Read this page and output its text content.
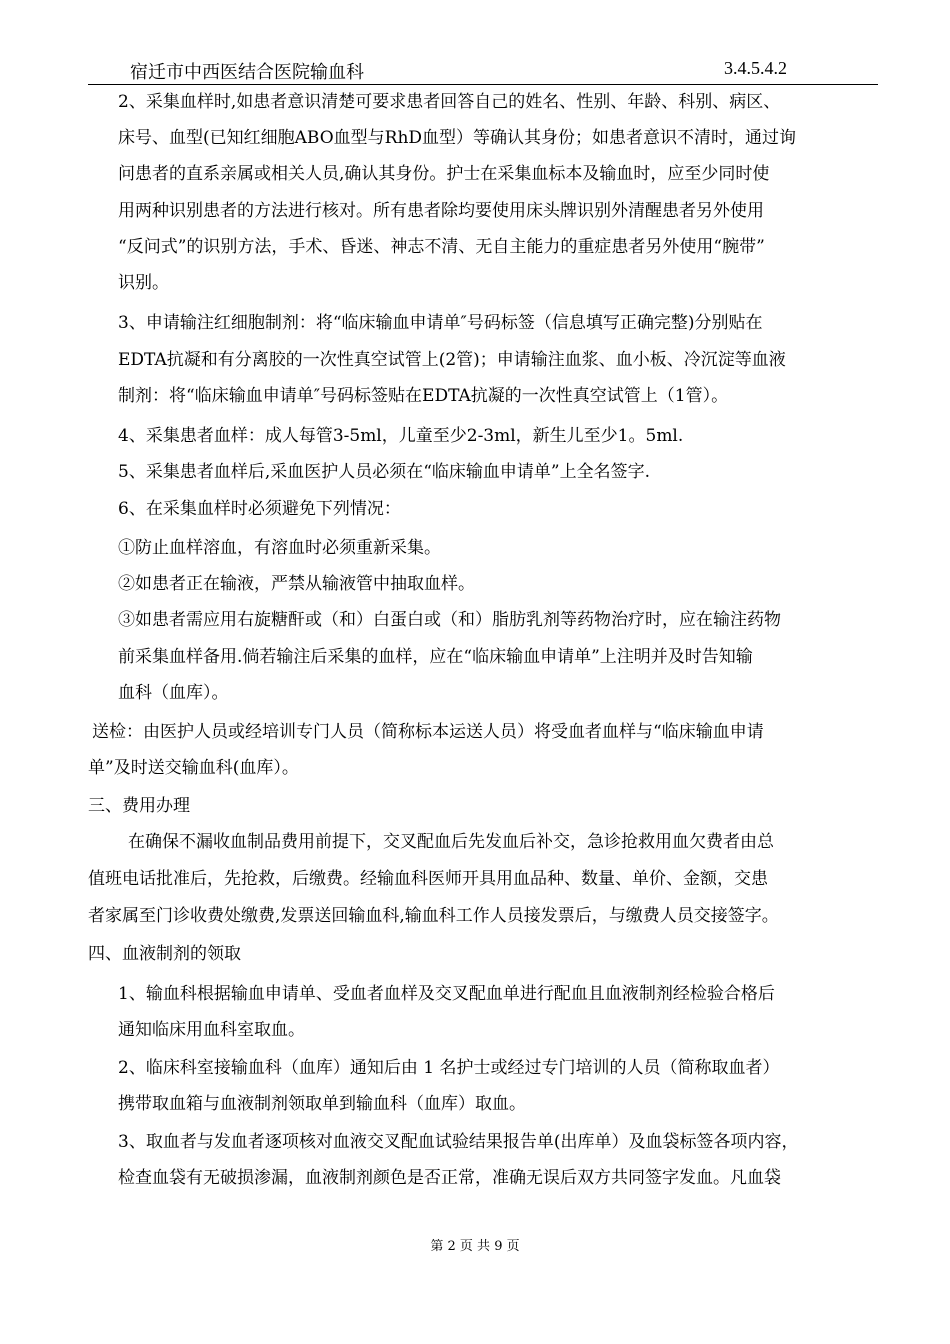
宿迁市中西医结合医院输血科	3.4.5.4.2
2、采集血样时,如患者意识清楚可要求患者回答自己的姓名、性别、年龄、科别、病区、
床号、血型(已知红细胞ABO血型与RhD血型）等确认其身份；如患者意识不清时，通过询
问患者的直系亲属或相关人员,确认其身份。护士在采集血标本及输血时，应至少同时使
用两种识别患者的方法进行核对。所有患者除均要使用床头牌识别外清醒患者另外使用
“反问式”的识别方法，手术、昏迷、神志不清、无自主能力的重症患者另外使用“腕带”
识别。
3、申请输注红细胞制剂：将“临床输血申请单″号码标签（信息填写正确完整)分别贴在
EDTA抗凝和有分离胶的一次性真空试管上(2管)；申请输注血浆、血小板、冷沉淀等血液
制剂：将“临床输血申请单″号码标签贴在EDTA抗凝的一次性真空试管上（1管）。
4、采集患者血样：成人每管3-5ml，儿童至少2-3ml，新生儿至少1。5ml.
5、采集患者血样后,采血医护人员必须在“临床输血申请单”上全名签字.
6、在采集血样时必须避免下列情况：
①防止血样溶血，有溶血时必须重新采集。
②如患者正在输液，严禁从输液管中抽取血样。
③如患者需应用右旋糖酐或（和）白蛋白或（和）脂肪乳剂等药物治疗时，应在输注药物
前采集血样备用.倘若输注后采集的血样，应在“临床输血申请单”上注明并及时告知输
血科（血库）。
送检：由医护人员或经培训专门人员（简称标本运送人员）将受血者血样与“临床输血申请
单”及时送交输血科(血库）。
三、费用办理
在确保不漏收血制品费用前提下，交叉配血后先发血后补交，急诊抢救用血欠费者由总
值班电话批准后，先抢救，后缴费。经输血科医师开具用血品种、数量、单价、金额，交患
者家属至门诊收费处缴费,发票送回输血科,输血科工作人员接发票后，与缴费人员交接签字。
四、血液制剂的领取
1、输血科根据输血申请单、受血者血样及交叉配血单进行配血且血液制剂经检验合格后
通知临床用血科室取血。
2、临床科室接输血科（血库）通知后由 1 名护士或经过专门培训的人员（简称取血者）
携带取血箱与血液制剂领取单到输血科（血库）取血。
3、取血者与发血者逐项核对血液交叉配血试验结果报告单(出库单）及血袋标签各项内容，
检查血袋有无破损渗漏，血液制剂颜色是否正常，准确无误后双方共同签字发血。凡血袋
第 2 页 共 9 页
